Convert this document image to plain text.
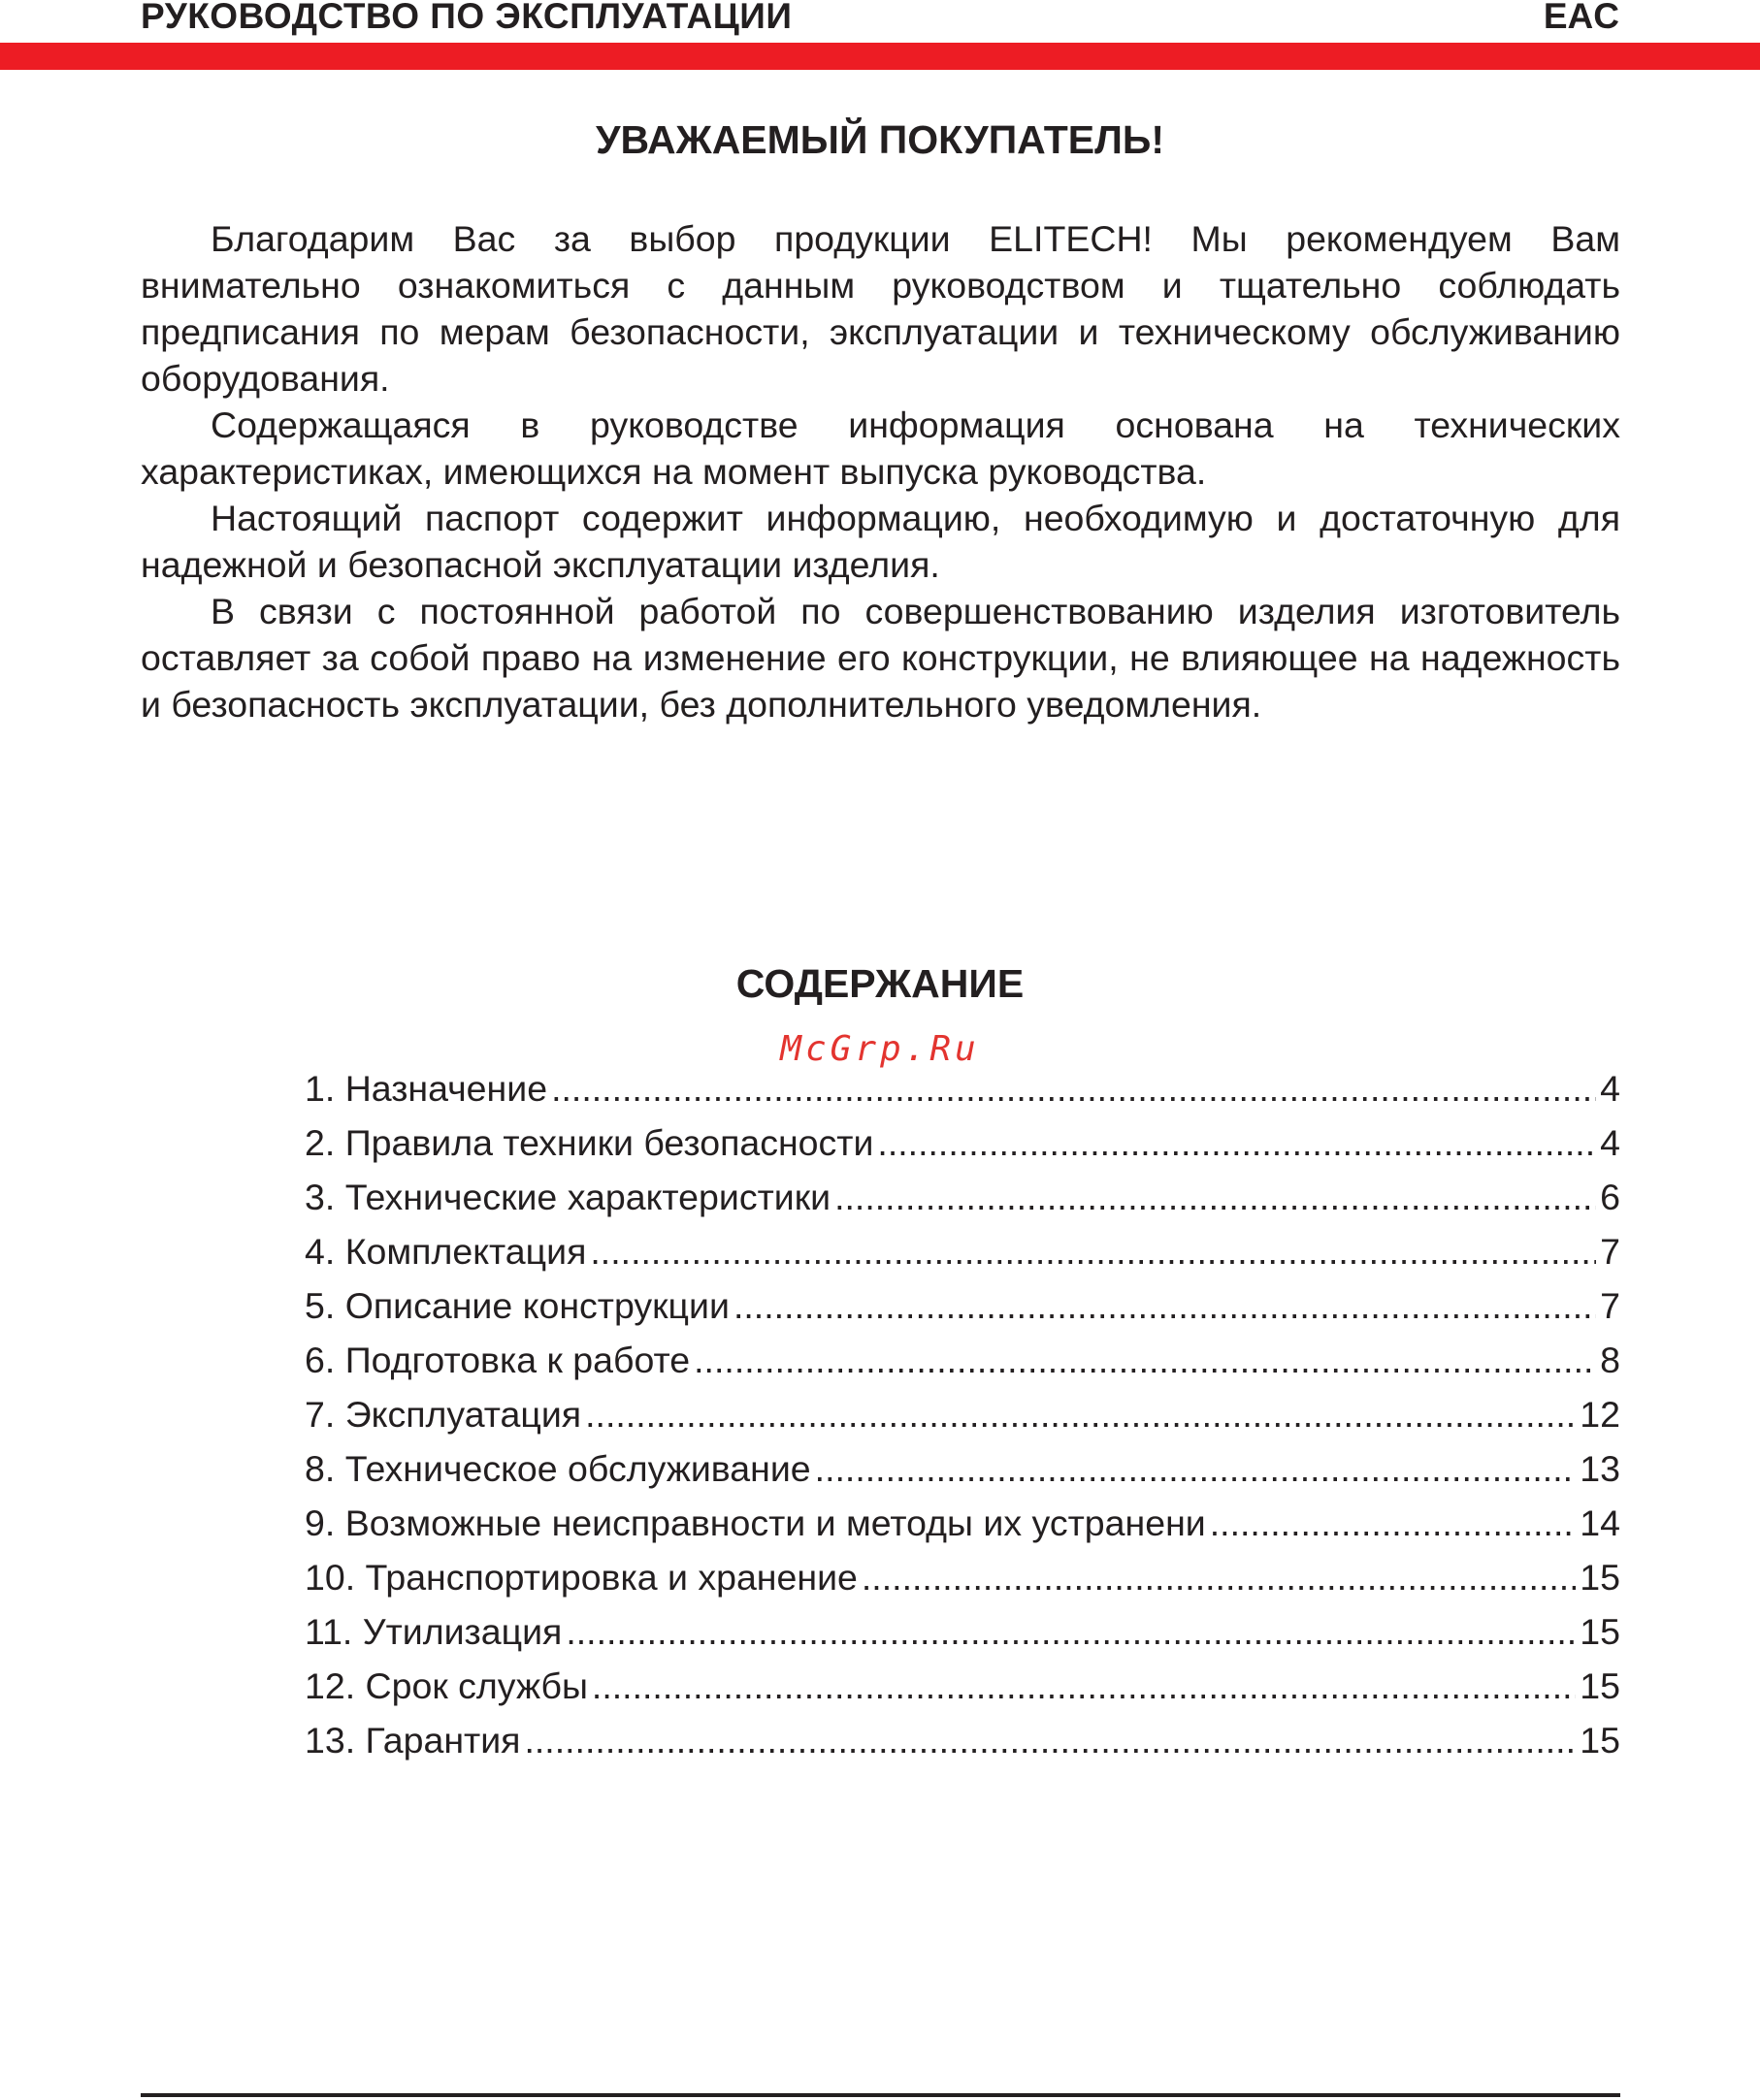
РУКОВОДСТВО ПО ЭКСПЛУАТАЦИИ	EAC
УВАЖАЕМЫЙ ПОКУПАТЕЛЬ!

Благодарим Вас за выбор продукции ELITECH! Мы рекомендуем Вам внимательно ознакомиться с данным руководством и тщательно соблюдать предписания по мерам безопасности, эксплуатации и техническому обслуживанию оборудования.

Содержащаяся в руководстве информация основана на технических характеристиках, имеющихся на момент выпуска руководства.

Настоящий паспорт содержит информацию, необходимую и достаточную для надежной и безопасной эксплуатации изделия.

В связи с постоянной работой по совершенствованию изделия изготовитель оставляет за собой право на изменение его конструкции, не влияющее на надежность и безопасность эксплуатации, без дополнительного уведомления.

СОДЕРЖАНИЕ
McGrp.Ru
1. Назначение .....	4
2. Правила техники безопасности .....	4
3. Технические характеристики .....	6
4. Комплектация .....	7
5. Описание конструкции .....	7
6. Подготовка к работе .....	8
7. Эксплуатация .....	12
8. Техническое обслуживание .....	13
9. Возможные неисправности и методы их устранени .....	14
10. Транспортировка и хранение .....	15
11. Утилизация .....	15
12. Срок службы .....	15
13. Гарантия .....	15
